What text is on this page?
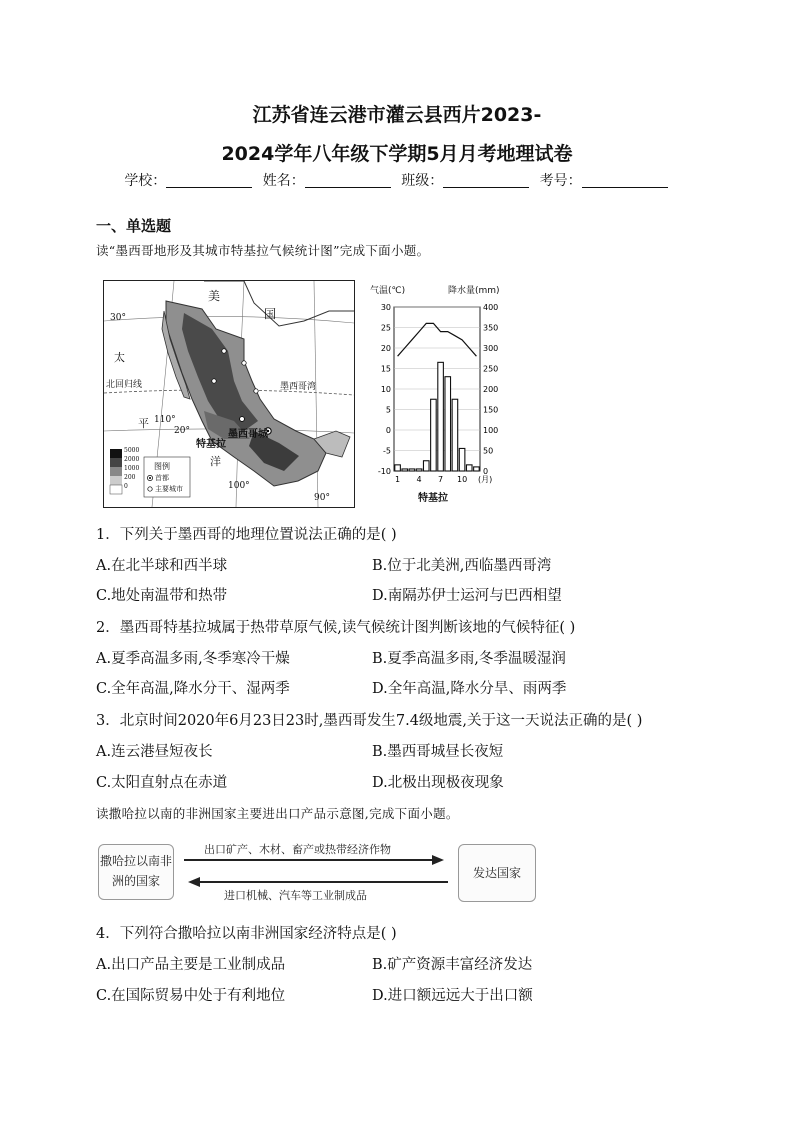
江苏省连云港市灌云县西片2023-
2024学年八年级下学期5月月考地理试卷
学校：	姓名：	班级：	考号：
一、单选题
读“墨西哥地形及其城市特基拉气候统计图”完成下面小题。
美
国
30°
太
北回归线
平 110°
20°
墨西哥湾
墨西哥城
特基拉
洋
100°
90°
5000
2000
1000
200
0
图例
首都
主要城市
30
25
20
15
10
5
0
-5
-10
400
350
300
250
200
150
100
50
0
1 4 7 10 (月)
气温(℃)	降水量(mm)
特基拉
1．下列关于墨西哥的地理位置说法正确的是( )
A.在北半球和西半球	B.位于北美洲,西临墨西哥湾
C.地处南温带和热带	D.南隔苏伊士运河与巴西相望
2．墨西哥特基拉城属于热带草原气候,读气候统计图判断该地的气候特征( )
A.夏季高温多雨,冬季寒冷干燥	B.夏季高温多雨,冬季温暖湿润
C.全年高温,降水分干、湿两季	D.全年高温,降水分旱、雨两季
3．北京时间2020年6月23日23时,墨西哥发生7.4级地震,关于这一天说法正确的是( )
A.连云港昼短夜长	B.墨西哥城昼长夜短
C.太阳直射点在赤道	D.北极出现极夜现象
读撒哈拉以南的非洲国家主要进出口产品示意图,完成下面小题。
撒哈拉以南非洲的国家
发达国家
出口矿产、木材、畜产或热带经济作物
进口机械、汽车等工业制成品
4．下列符合撒哈拉以南非洲国家经济特点是( )
A.出口产品主要是工业制成品	B.矿产资源丰富经济发达
C.在国际贸易中处于有利地位	D.进口额远远大于出口额
